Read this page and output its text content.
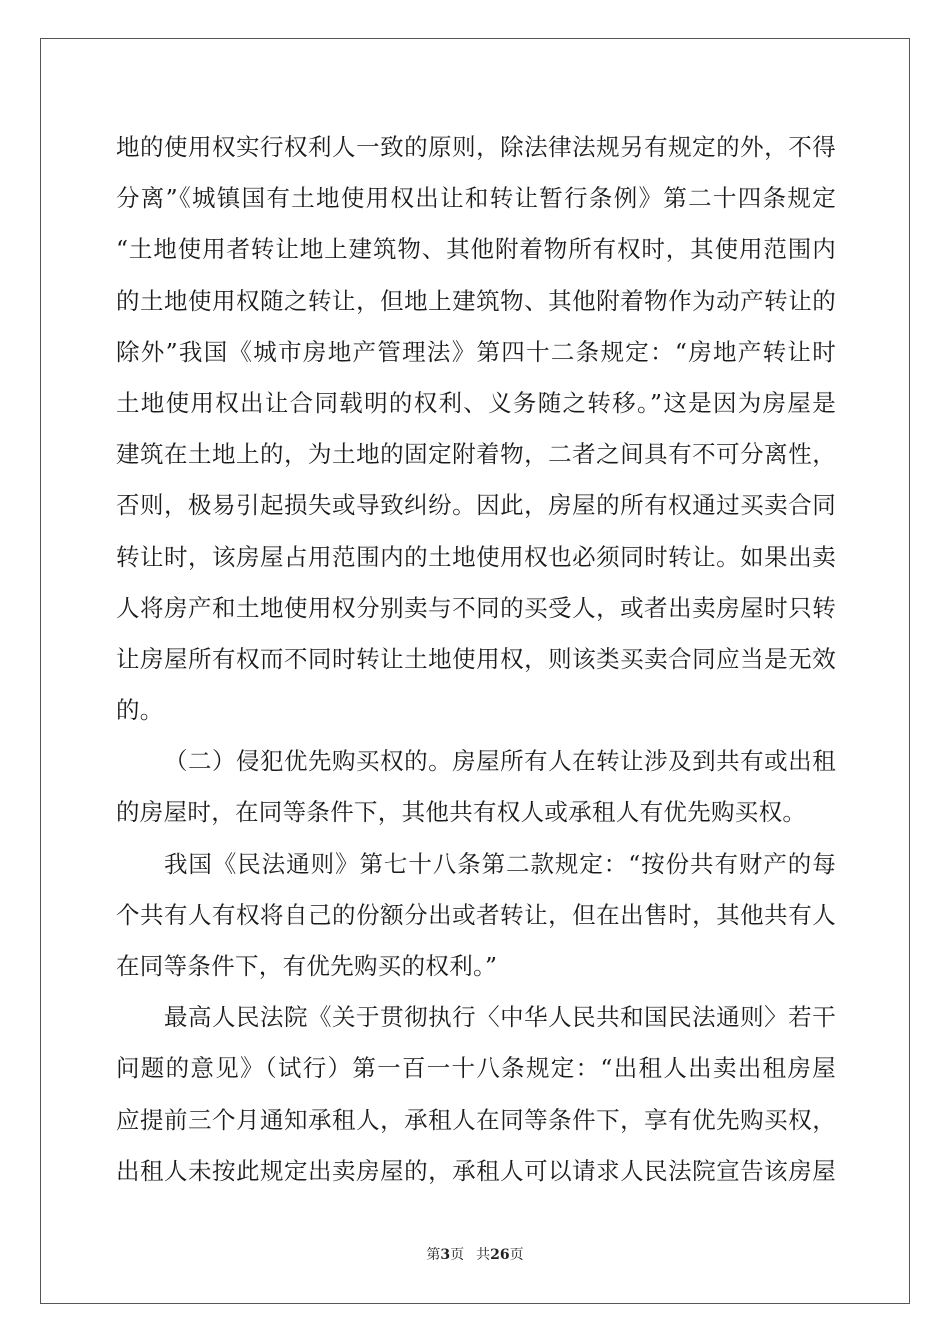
地的使用权实行权利人一致的原则，除法律法规另有规定的外，不得
分离”《城镇国有土地使用权出让和转让暂行条例》第二十四条规定
“土地使用者转让地上建筑物、其他附着物所有权时，其使用范围内
的土地使用权随之转让，但地上建筑物、其他附着物作为动产转让的
除外”我国《城市房地产管理法》第四十二条规定：“房地产转让时
土地使用权出让合同载明的权利、义务随之转移。”这是因为房屋是
建筑在土地上的，为土地的固定附着物，二者之间具有不可分离性，
否则，极易引起损失或导致纠纷。因此，房屋的所有权通过买卖合同
转让时，该房屋占用范围内的土地使用权也必须同时转让。如果出卖
人将房产和土地使用权分别卖与不同的买受人，或者出卖房屋时只转
让房屋所有权而不同时转让土地使用权，则该类买卖合同应当是无效
的。
（二）侵犯优先购买权的。房屋所有人在转让涉及到共有或出租
的房屋时，在同等条件下，其他共有权人或承租人有优先购买权。
我国《民法通则》第七十八条第二款规定：“按份共有财产的每
个共有人有权将自己的份额分出或者转让，但在出售时，其他共有人
在同等条件下，有优先购买的权利。”
最高人民法院《关于贯彻执行〈中华人民共和国民法通则〉若干
问题的意见》（试行）第一百一十八条规定：“出租人出卖出租房屋
应提前三个月通知承租人，承租人在同等条件下，享有优先购买权，
出租人未按此规定出卖房屋的，承租人可以请求人民法院宣告该房屋
第3页 共26页
